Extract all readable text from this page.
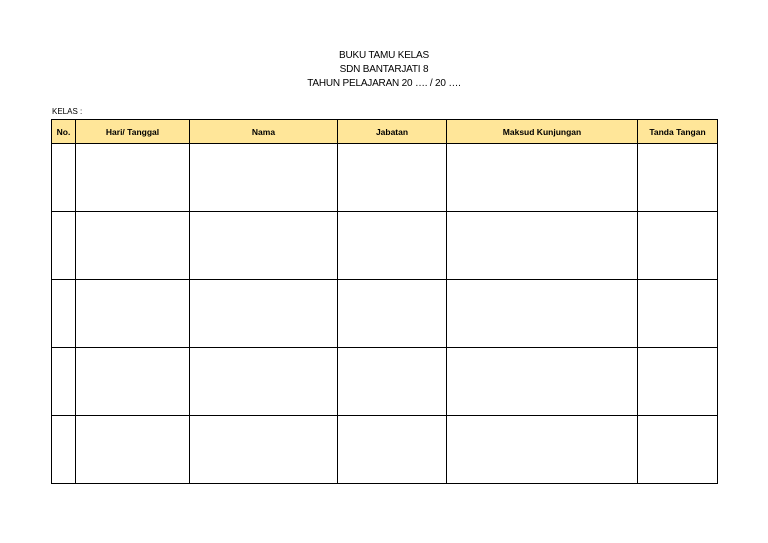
BUKU TAMU KELAS
SDN BANTARJATI 8
TAHUN PELAJARAN 20 …. / 20 ….
KELAS :
No.	Hari/ Tanggal	Nama	Jabatan	Maksud Kunjungan	Tanda Tangan
